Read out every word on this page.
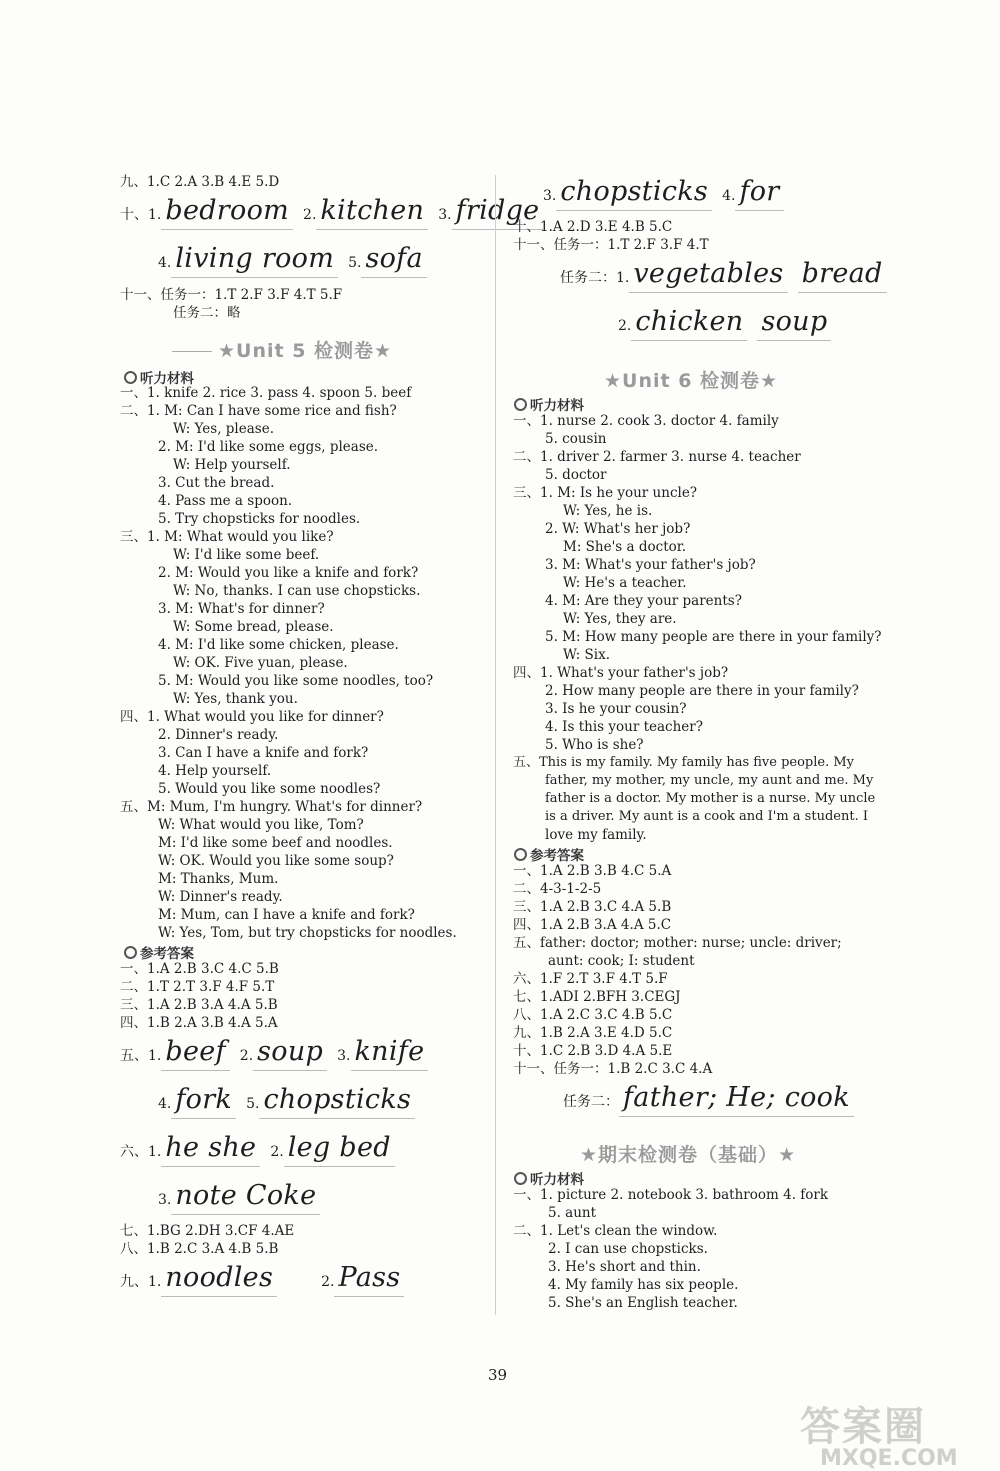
九、1.C 2.A 3.B 4.E 5.D
十、1. bedroom 2. kitchen 3. fridge
4. living room 5. sofa
十一、任务一：1.T 2.F 3.F 4.T 5.F
任务二：略
★Unit 5 检测卷★
听力材料
一、1. knife 2. rice 3. pass 4. spoon 5. beef
二、1. M: Can I have some rice and fish?
W: Yes, please.
2. M: I'd like some eggs, please.
W: Help yourself.
3. Cut the bread.
4. Pass me a spoon.
5. Try chopsticks for noodles.
三、1. M: What would you like?
W: I'd like some beef.
2. M: Would you like a knife and fork?
W: No, thanks. I can use chopsticks.
3. M: What's for dinner?
W: Some bread, please.
4. M: I'd like some chicken, please.
W: OK. Five yuan, please.
5. M: Would you like some noodles, too?
W: Yes, thank you.
四、1. What would you like for dinner?
2. Dinner's ready.
3. Can I have a knife and fork?
4. Help yourself.
5. Would you like some noodles?
五、M: Mum, I'm hungry. What's for dinner?
W: What would you like, Tom?
M: I'd like some beef and noodles.
W: OK. Would you like some soup?
M: Thanks, Mum.
W: Dinner's ready.
M: Mum, can I have a knife and fork?
W: Yes, Tom, but try chopsticks for noodles.
参考答案
一、1.A 2.B 3.C 4.C 5.B
二、1.T 2.T 3.F 4.F 5.T
三、1.A 2.B 3.A 4.A 5.B
四、1.B 2.A 3.B 4.A 5.A
五、1. beef 2. soup 3. knife
4. fork 5. chopsticks
六、1. he she 2. leg bed
3. note Coke
七、1.BG 2.DH 3.CF 4.AE
八、1.B 2.C 3.A 4.B 5.B
九、1. noodles	2. Pass
3. chopsticks 4. for
十、1.A 2.D 3.E 4.B 5.C
十一、任务一：1.T 2.F 3.F 4.T
任务二：1. vegetables bread
2. chicken soup
★Unit 6 检测卷★
听力材料
一、1. nurse 2. cook 3. doctor 4. family
5. cousin
二、1. driver 2. farmer 3. nurse 4. teacher
5. doctor
三、1. M: Is he your uncle?
W: Yes, he is.
2. W: What's her job?
M: She's a doctor.
3. M: What's your father's job?
W: He's a teacher.
4. M: Are they your parents?
W: Yes, they are.
5. M: How many people are there in your family?
W: Six.
四、1. What's your father's job?
2. How many people are there in your family?
3. Is he your cousin?
4. Is this your teacher?
5. Who is she?
五、This is my family. My family has five people. My
father, my mother, my uncle, my aunt and me. My
father is a doctor. My mother is a nurse. My uncle
is a driver. My aunt is a cook and I'm a student. I
love my family.
参考答案
一、1.A 2.B 3.B 4.C 5.A
二、4-3-1-2-5
三、1.A 2.B 3.C 4.A 5.B
四、1.A 2.B 3.A 4.A 5.C
五、father: doctor; mother: nurse; uncle: driver;
aunt: cook; I: student
六、1.F 2.T 3.F 4.T 5.F
七、1.ADI 2.BFH 3.CEGJ
八、1.A 2.C 3.C 4.B 5.C
九、1.B 2.A 3.E 4.D 5.C
十、1.C 2.B 3.D 4.A 5.E
十一、任务一：1.B 2.C 3.C 4.A
任务二： father; He; cook
★期末检测卷（基础）★
听力材料
一、1. picture 2. notebook 3. bathroom 4. fork
5. aunt
二、1. Let's clean the window.
2. I can use chopsticks.
3. He's short and thin.
4. My family has six people.
5. She's an English teacher.
39
答案圈
MXQE.COM
